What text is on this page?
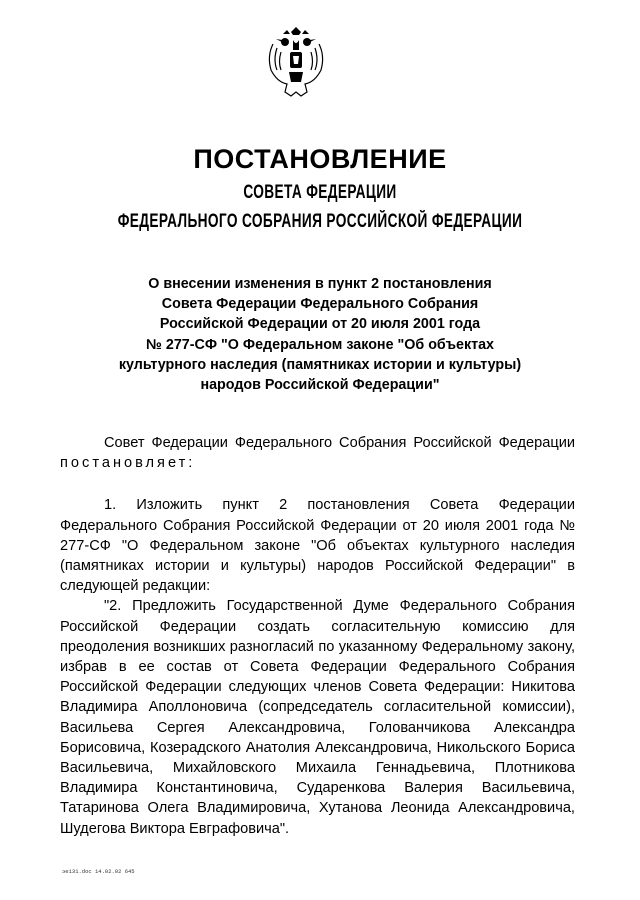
ПОСТАНОВЛЕНИЕ
СОВЕТА ФЕДЕРАЦИИ
ФЕДЕРАЛЬНОГО СОБРАНИЯ РОССИЙСКОЙ ФЕДЕРАЦИИ
О внесении изменения в пункт 2 постановления
Совета Федерации Федерального Собрания
Российской Федерации от 20 июля 2001 года
№ 277-СФ "О Федеральном законе "Об объектах
культурного наследия (памятниках истории и культуры)
народов Российской Федерации"

Совет Федерации Федерального Собрания Российской Федерации постановляет:

1. Изложить пункт 2 постановления Совета Федерации Федерального Собрания Российской Федерации от 20 июля 2001 года № 277-СФ "О Федеральном законе "Об объектах культурного наследия (памятниках истории и культуры) народов Российской Федерации" в следующей редакции:

"2. Предложить Государственной Думе Федерального Собрания Российской Федерации создать согласительную комиссию для преодоления возникших разногласий по указанному Федеральному закону, избрав в ее состав от Совета Федерации Федерального Собрания Российской Федерации следующих членов Совета Федерации: Никитова Владимира Аполлоновича (сопредседатель согласительной комиссии), Васильева Сергея Александровича, Голованчикова Александра Борисовича, Козерадского Анатолия Александровича, Никольского Бориса Васильевича, Михайловского Михаила Геннадьевича, Плотникова Владимира Константиновича, Сударенкова Валерия Васильевича, Татаринова Олега Владимировича, Хутанова Леонида Александровича, Шудегова Виктора Евграфовича".

эе131.doc 14.02.02 645
